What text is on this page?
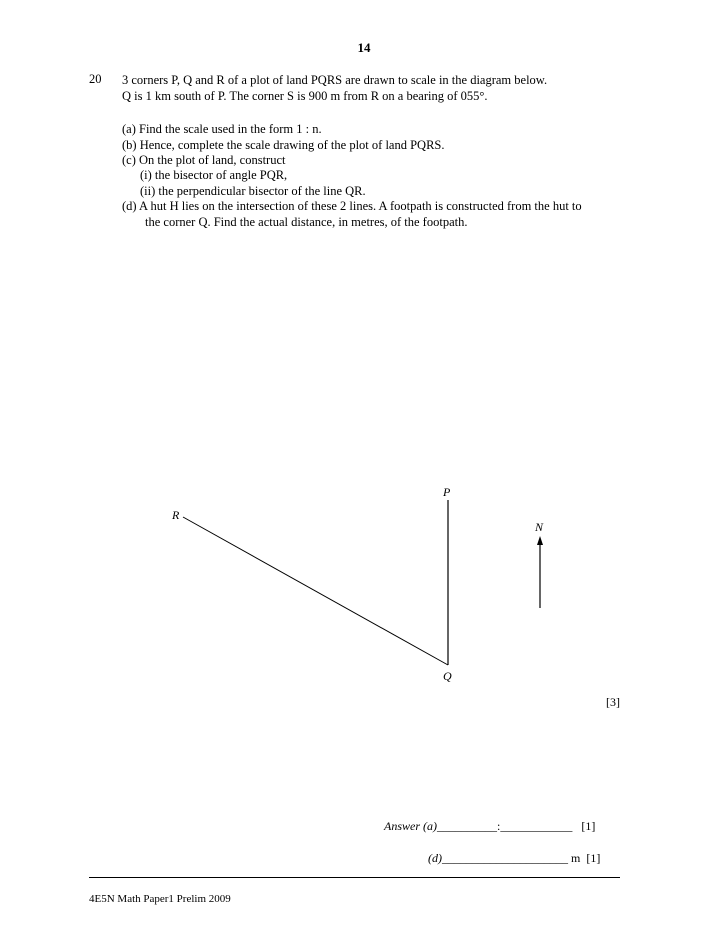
14
20 3 corners P, Q and R of a plot of land PQRS are drawn to scale in the diagram below.
Q is 1 km south of P. The corner S is 900 m from R on a bearing of 055°.
(a) Find the scale used in the form 1 : n.
(b) Hence, complete the scale drawing of the plot of land PQRS.
(c) On the plot of land, construct
(i) the bisector of angle PQR,
(ii) the perpendicular bisector of the line QR.
(d) A hut H lies on the intersection of these 2 lines. A footpath is constructed from the hut to
the corner Q. Find the actual distance, in metres, of the footpath.
P
R
Q
N
[3]
Answer (a)__________:____________ [1]
(d)_____________________ m [1]
4E5N Math Paper1 Prelim 2009
